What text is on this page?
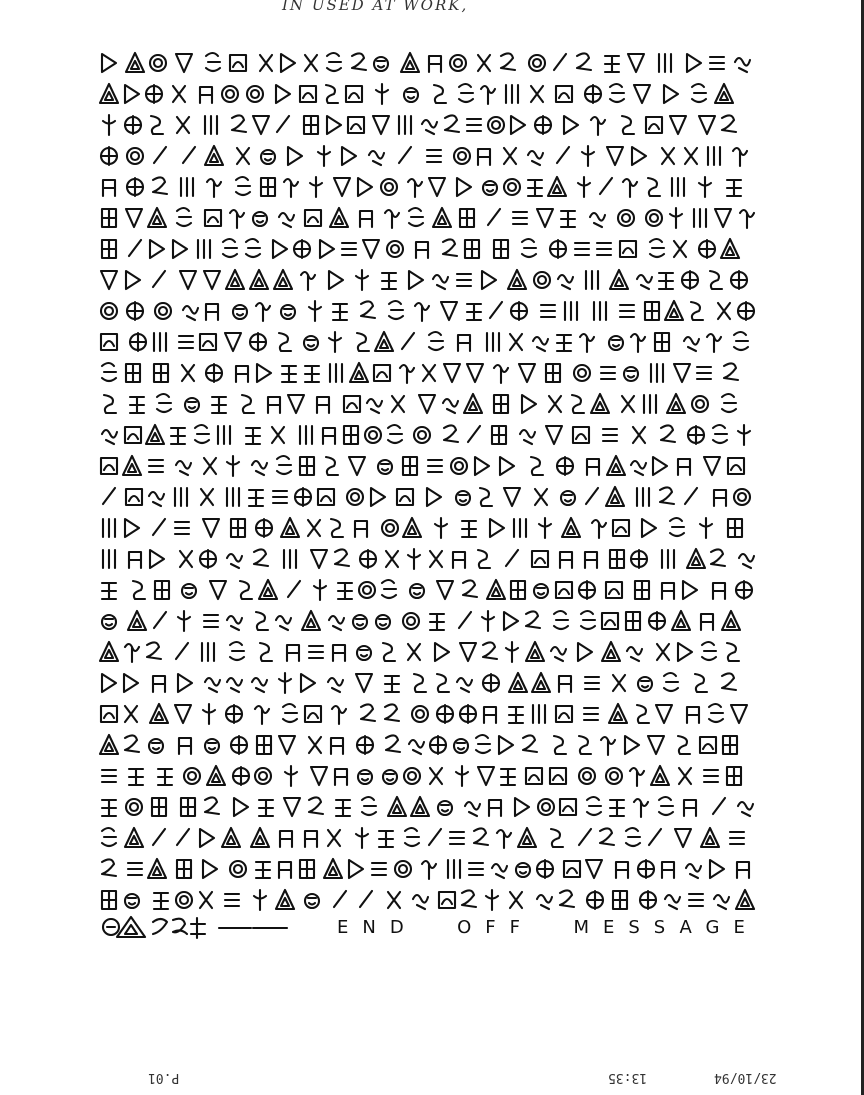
IN USED AT WORK,
END  OFF  MESSAGE
23/10/94
13:35
P.01
